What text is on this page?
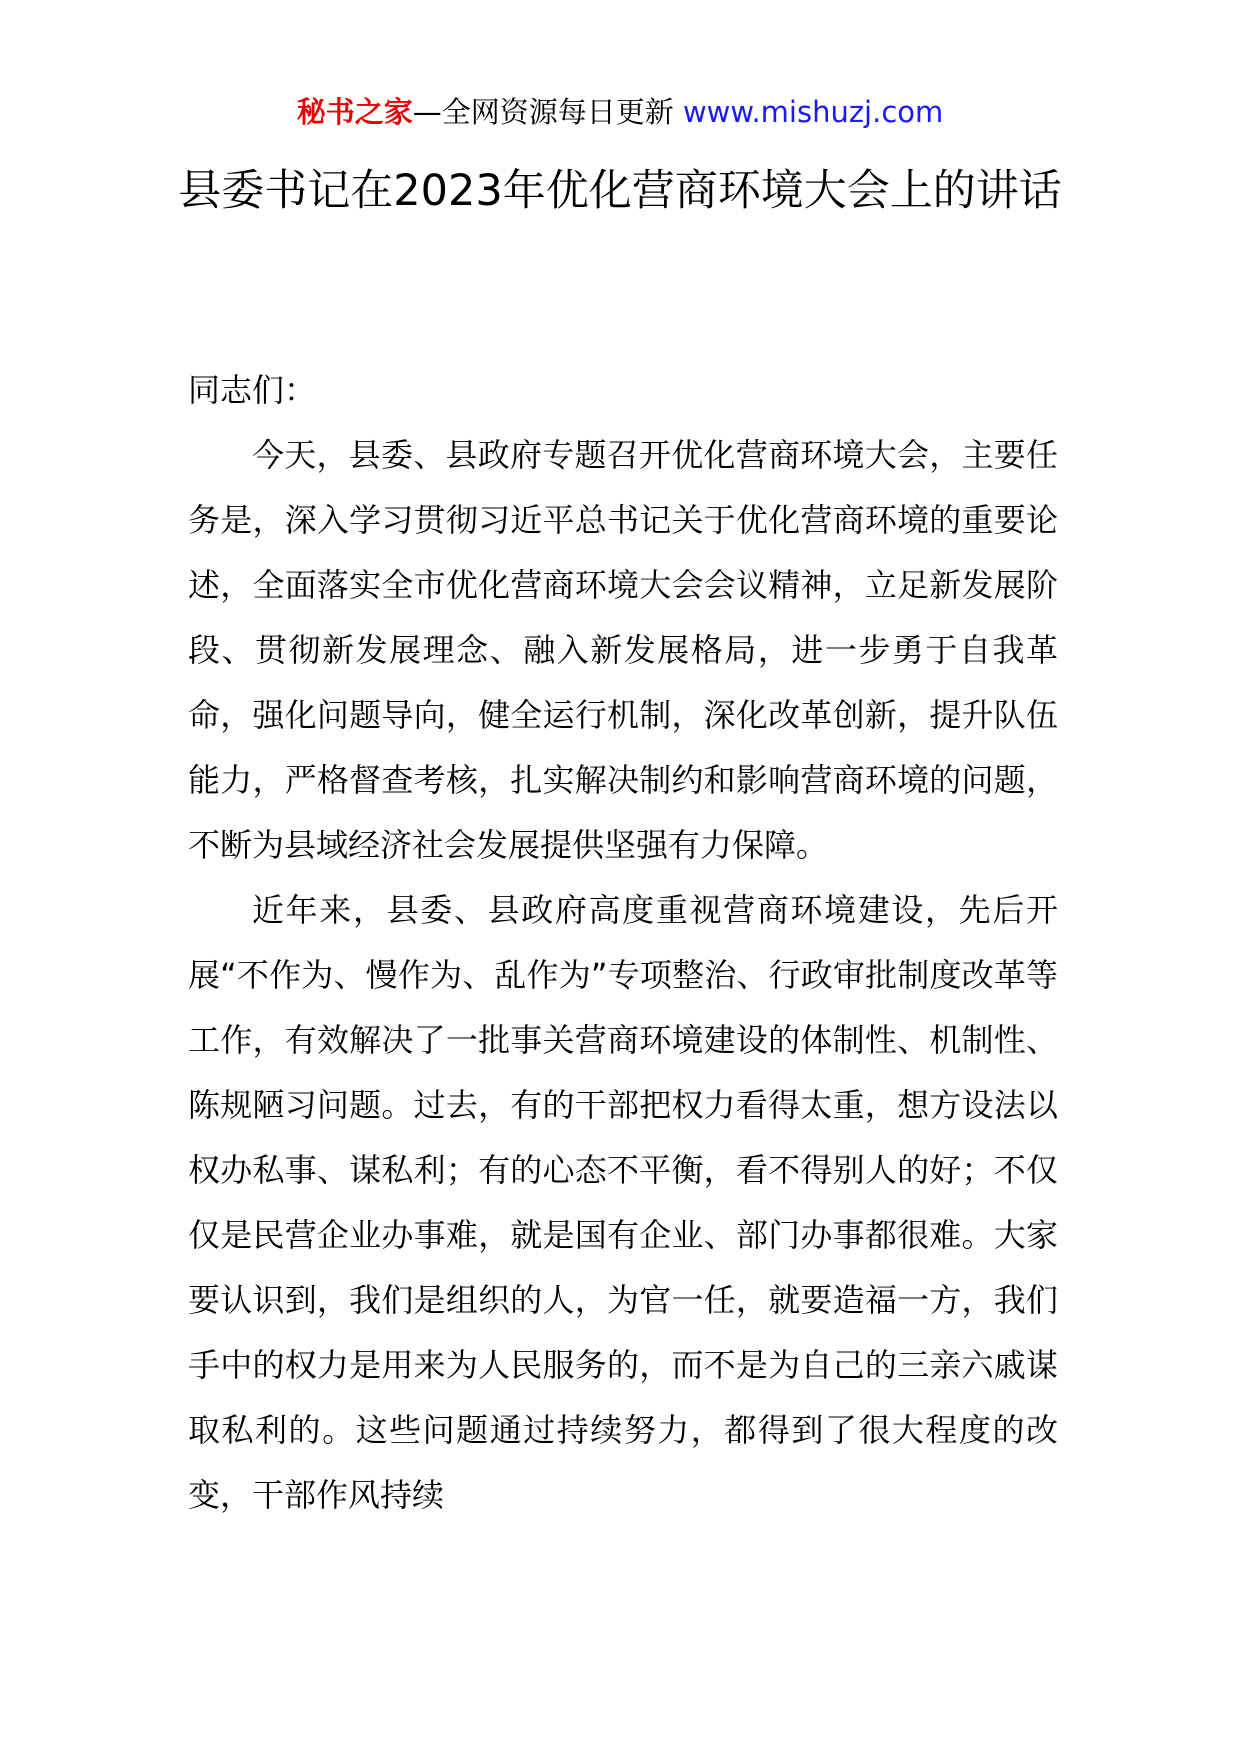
秘书之家—全网资源每日更新 www.mishuzj.com
县委书记在2023年优化营商环境大会上的讲话

同志们：

今天，县委、县政府专题召开优化营商环境大会，主要任务是，深入学习贯彻习近平总书记关于优化营商环境的重要论述，全面落实全市优化营商环境大会会议精神，立足新发展阶段、贯彻新发展理念、融入新发展格局，进一步勇于自我革命，强化问题导向，健全运行机制，深化改革创新，提升队伍能力，严格督查考核，扎实解决制约和影响营商环境的问题，不断为县域经济社会发展提供坚强有力保障。

近年来，县委、县政府高度重视营商环境建设，先后开展“不作为、慢作为、乱作为”专项整治、行政审批制度改革等工作，有效解决了一批事关营商环境建设的体制性、机制性、陈规陋习问题。过去，有的干部把权力看得太重，想方设法以权办私事、谋私利；有的心态不平衡，看不得别人的好；不仅仅是民营企业办事难，就是国有企业、部门办事都很难。大家要认识到，我们是组织的人，为官一任，就要造福一方，我们手中的权力是用来为人民服务的，而不是为自己的三亲六戚谋取私利的。这些问题通过持续努力，都得到了很大程度的改变，干部作风持续
